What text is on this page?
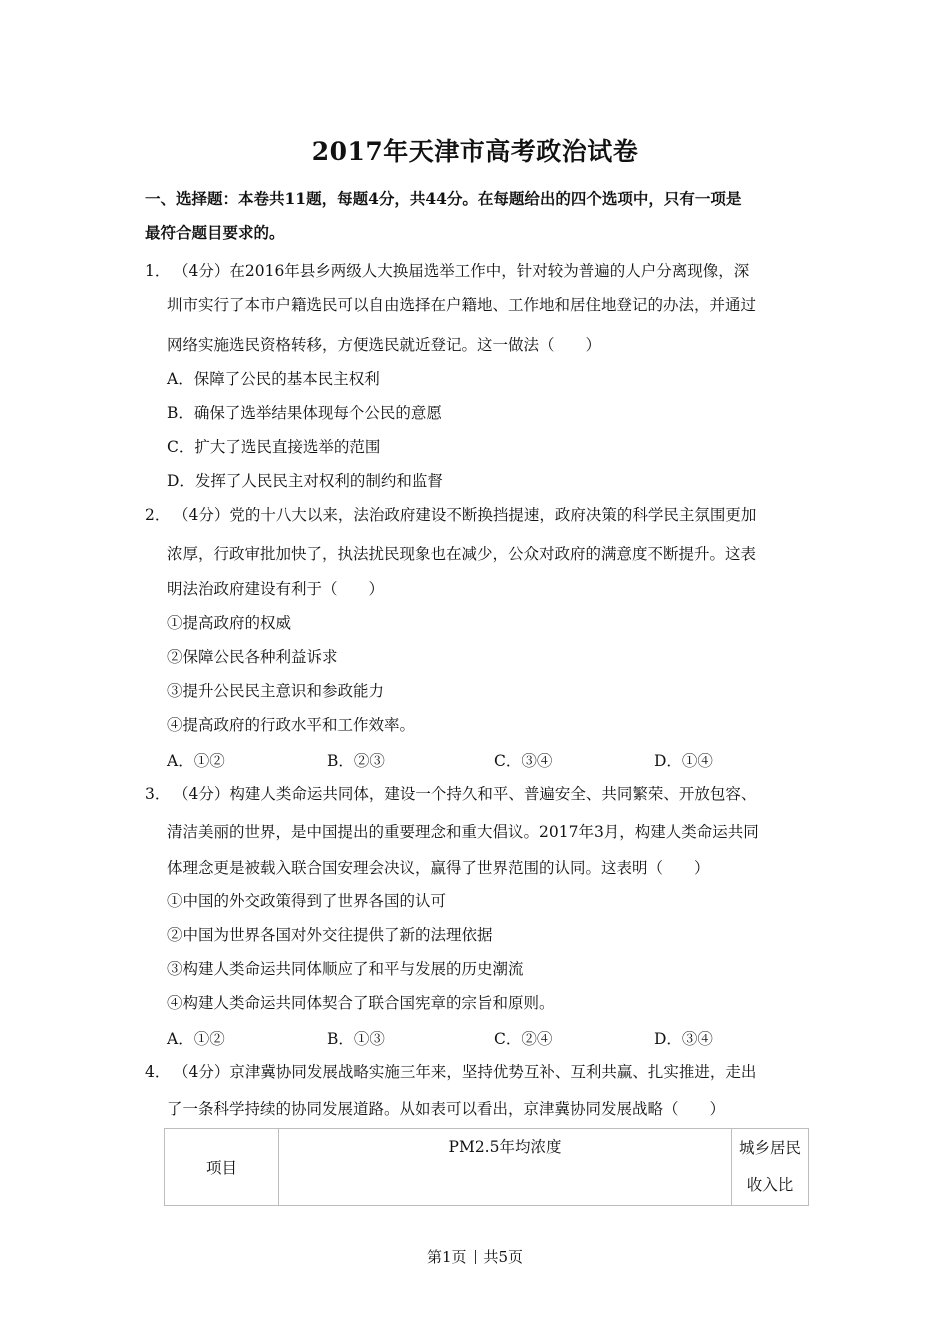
2017年天津市高考政治试卷
一、选择题：本卷共11题，每题4分，共44分。在每题给出的四个选项中，只有一项是
最符合题目要求的。
1． （4分）在2016年县乡两级人大换届选举工作中，针对较为普遍的人户分离现像，深
圳市实行了本市户籍选民可以自由选择在户籍地、工作地和居住地登记的办法，并通过
网络实施选民资格转移，方便选民就近登记。这一做法（　　）
A．保障了公民的基本民主权利
B．确保了选举结果体现每个公民的意愿
C．扩大了选民直接选举的范围
D．发挥了人民民主对权利的制约和监督
2． （4分）党的十八大以来，法治政府建设不断换挡提速，政府决策的科学民主氛围更加
浓厚，行政审批加快了，执法扰民现象也在减少，公众对政府的满意度不断提升。这表
明法治政府建设有利于（　　）
①提高政府的权威
②保障公民各种利益诉求
③提升公民民主意识和参政能力
④提高政府的行政水平和工作效率。
A．①②	B．②③	C．③④	D．①④
3． （4分）构建人类命运共同体，建设一个持久和平、普遍安全、共同繁荣、开放包容、
清洁美丽的世界，是中国提出的重要理念和重大倡议。2017年3月，构建人类命运共同
体理念更是被载入联合国安理会决议，赢得了世界范围的认同。这表明（　　）
①中国的外交政策得到了世界各国的认可
②中国为世界各国对外交往提供了新的法理依据
③构建人类命运共同体顺应了和平与发展的历史潮流
④构建人类命运共同体契合了联合国宪章的宗旨和原则。
A．①②	B．①③	C．②④	D．③④
4． （4分）京津冀协同发展战略实施三年来，坚持优势互补、互利共赢、扎实推进，走出
了一条科学持续的协同发展道路。从如表可以看出，京津冀协同发展战略（　　）
项目	PM2.5年均浓度	城乡居民
收入比
第1页 共5页
